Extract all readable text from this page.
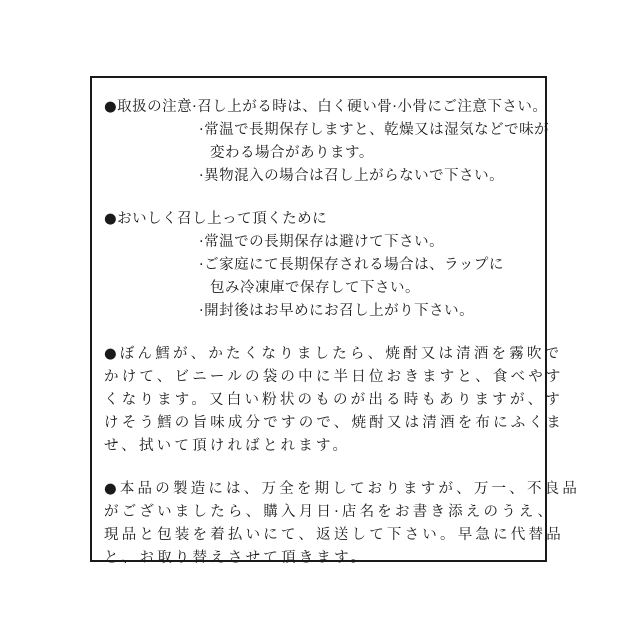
●取扱の注意 ·召し上がる時は、白く硬い骨·小骨にご注意下さい。
·常温で長期保存しますと、乾燥又は湿気などで味が
変わる場合があります。
·異物混入の場合は召し上がらないで下さい。
●おいしく召し上って頂くために
·常温での長期保存は避けて下さい。
·ご家庭にて長期保存される場合は、ラップに
包み冷凍庫で保存して下さい。
·開封後はお早めにお召し上がり下さい。
●ぼん鱈が、かたくなりましたら、焼酎又は清酒を霧吹で
かけて、ビニールの袋の中に半日位おきますと、食べやす
くなります。又白い粉状のものが出る時もありますが、す
けそう鱈の旨味成分ですので、焼酎又は清酒を布にふくま
せ、拭いて頂ければとれます。
●本品の製造には、万全を期しておりますが、万一、不良品
がございましたら、購入月日·店名をお書き添えのうえ、
現品と包装を着払いにて、返送して下さい。早急に代替品
と、お取り替えさせて頂きます。
